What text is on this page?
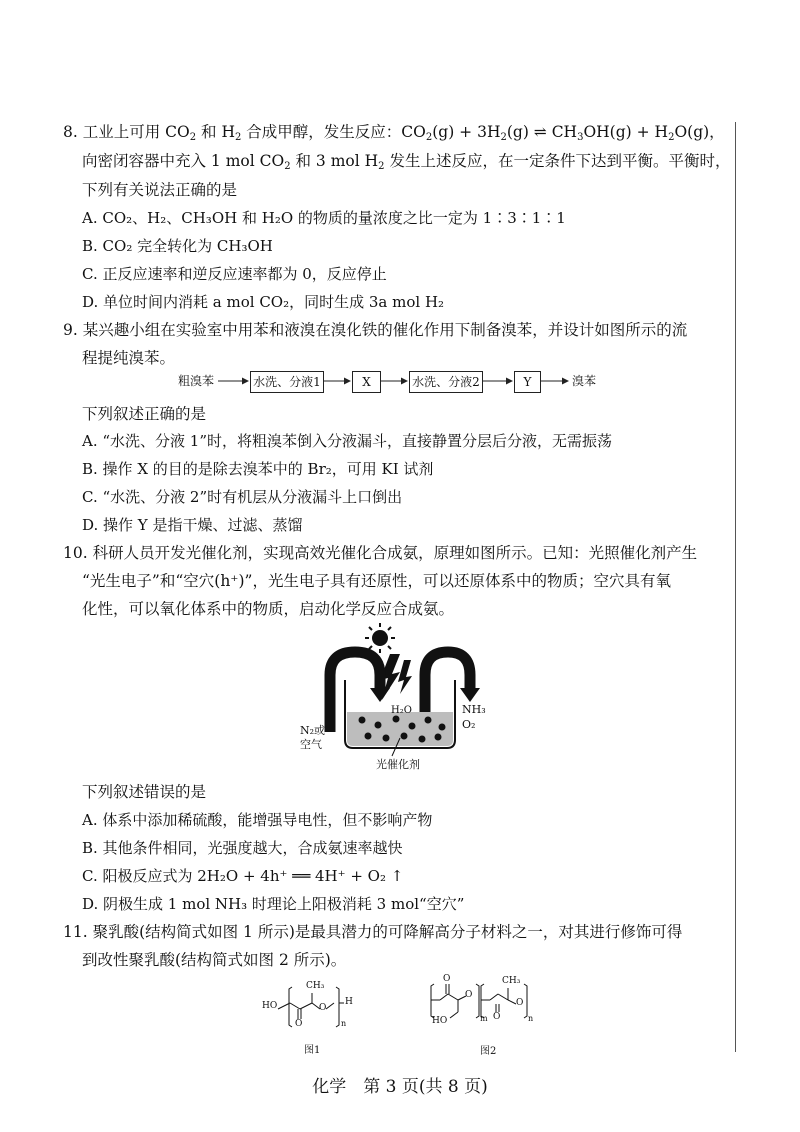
8. 工业上可用 $CO_2$ 和 $H_2$ 合成甲醇，发生反应：$CO_2(g) + 3H_2(g)$ ⇌ $CH_3OH(g) + H_2O(g)$，
向密闭容器中充入 1 mol $CO_2$ 和 3 mol $H_2$ 发生上述反应，在一定条件下达到平衡。平衡时，
下列有关说法正确的是
A. CO₂、H₂、CH₃OH 和 H₂O 的物质的量浓度之比一定为 1∶3∶1∶1
B. CO₂ 完全转化为 CH₃OH
C. 正反应速率和逆反应速率都为 0，反应停止
D. 单位时间内消耗 a mol CO₂，同时生成 3a mol H₂
9. 某兴趣小组在实验室中用苯和液溴在溴化铁的催化作用下制备溴苯，并设计如图所示的流
程提纯溴苯。
粗溴苯	水洗、分液1	X	水洗、分液2	Y	溴苯
下列叙述正确的是
A. “水洗、分液 1”时，将粗溴苯倒入分液漏斗，直接静置分层后分液，无需振荡
B. 操作 X 的目的是除去溴苯中的 Br₂，可用 KI 试剂
C. “水洗、分液 2”时有机层从分液漏斗上口倒出
D. 操作 Y 是指干燥、过滤、蒸馏
10. 科研人员开发光催化剂，实现高效光催化合成氨，原理如图所示。已知：光照催化剂产生
“光生电子”和“空穴(h⁺)”，光生电子具有还原性，可以还原体系中的物质；空穴具有氧
化性，可以氧化体系中的物质，启动化学反应合成氨。
H₂O
N₂或
空气
NH₃
O₂
光催化剂
下列叙述错误的是
A. 体系中添加稀硫酸，能增强导电性，但不影响产物
B. 其他条件相同，光强度越大，合成氨速率越快
C. 阳极反应式为 2H₂O + 4h⁺ ══ 4H⁺ + O₂ ↑
D. 阴极生成 1 mol NH₃ 时理论上阳极消耗 3 mol“空穴”
11. 聚乳酸(结构简式如图 1 所示)是最具潜力的可降解高分子材料之一，对其进行修饰可得
到改性聚乳酸(结构简式如图 2 所示)。
HO
CH₃
O
O	n
H
图1
O	CH₃
O
O
HO	O
m	n
图2
化学　第 3 页(共 8 页)
